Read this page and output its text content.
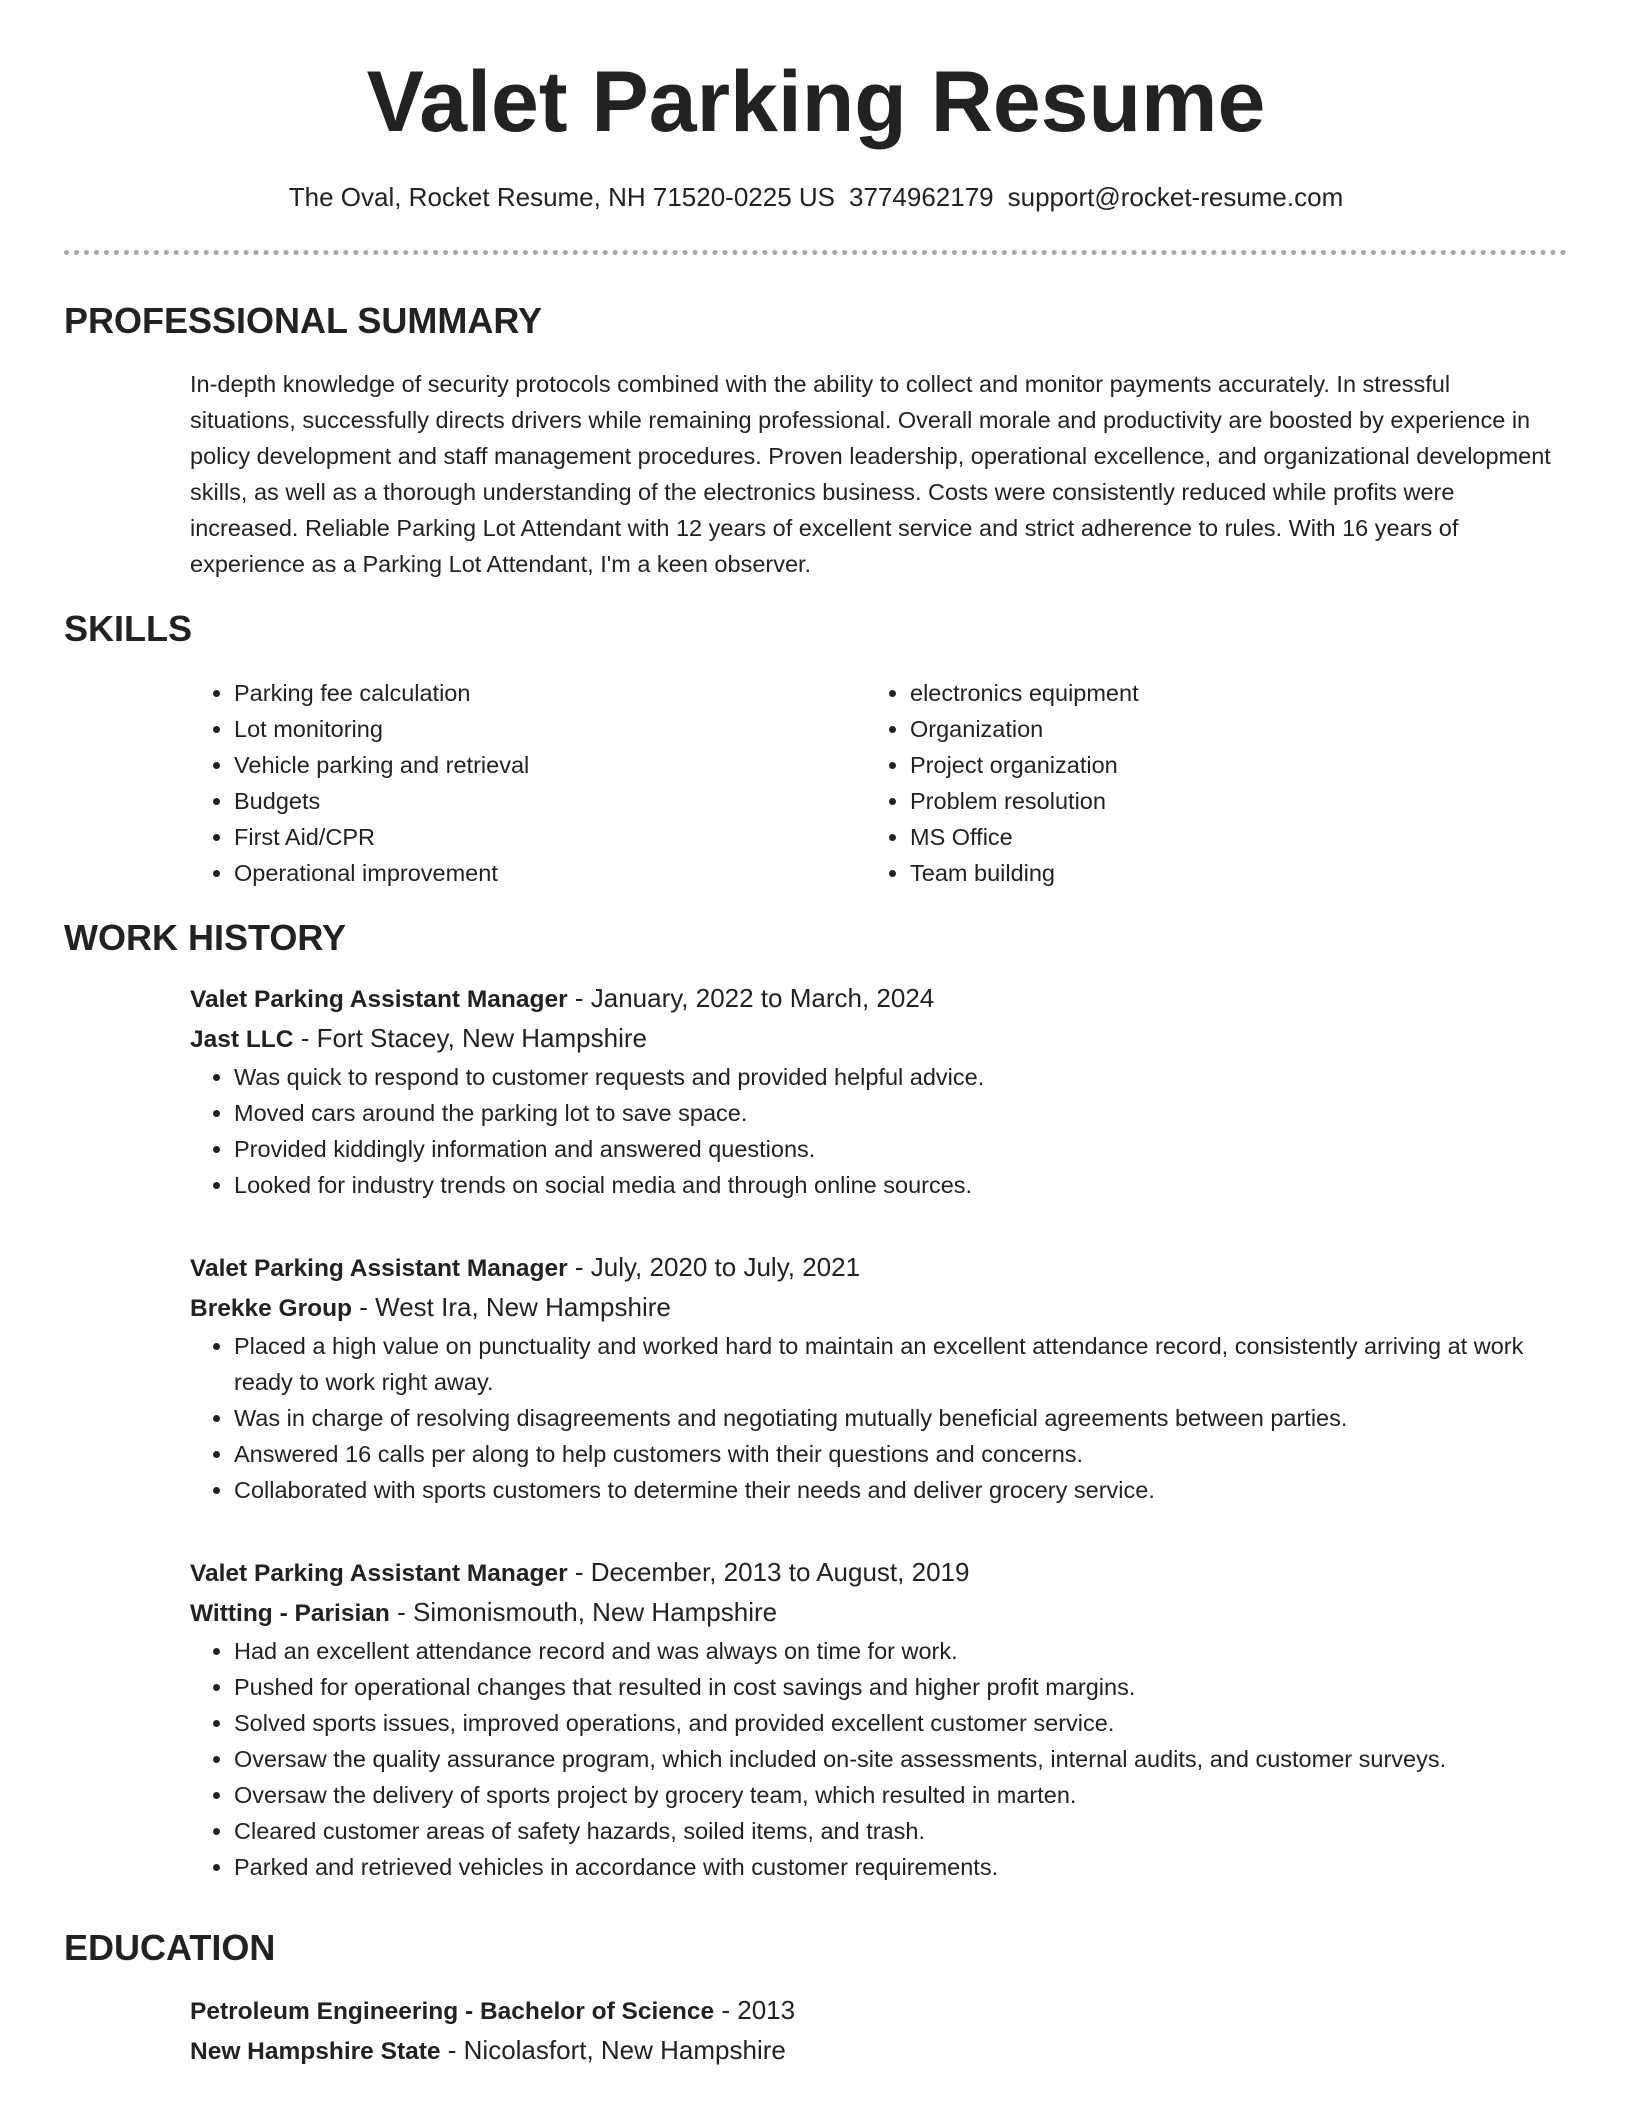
Valet Parking Resume
The Oval, Rocket Resume, NH 71520-0225 US 3774962179 support@rocket-resume.com
PROFESSIONAL SUMMARY

In-depth knowledge of security protocols combined with the ability to collect and monitor payments accurately. In stressful situations, successfully directs drivers while remaining professional. Overall morale and productivity are boosted by experience in policy development and staff management procedures. Proven leadership, operational excellence, and organizational development skills, as well as a thorough understanding of the electronics business. Costs were consistently reduced while profits were increased. Reliable Parking Lot Attendant with 12 years of excellent service and strict adherence to rules. With 16 years of experience as a Parking Lot Attendant, I'm a keen observer.

SKILLS
• Parking fee calculation
• Lot monitoring
• Vehicle parking and retrieval
• Budgets
• First Aid/CPR
• Operational improvement
• electronics equipment
• Organization
• Project organization
• Problem resolution
• MS Office
• Team building
WORK HISTORY
Valet Parking Assistant Manager - January, 2022 to March, 2024
Jast LLC - Fort Stacey, New Hampshire
• Was quick to respond to customer requests and provided helpful advice.
• Moved cars around the parking lot to save space.
• Provided kiddingly information and answered questions.
• Looked for industry trends on social media and through online sources.
Valet Parking Assistant Manager - July, 2020 to July, 2021
Brekke Group - West Ira, New Hampshire
• Placed a high value on punctuality and worked hard to maintain an excellent attendance record, consistently arriving at work ready to work right away.
• Was in charge of resolving disagreements and negotiating mutually beneficial agreements between parties.
• Answered 16 calls per along to help customers with their questions and concerns.
• Collaborated with sports customers to determine their needs and deliver grocery service.
Valet Parking Assistant Manager - December, 2013 to August, 2019
Witting - Parisian - Simonismouth, New Hampshire
• Had an excellent attendance record and was always on time for work.
• Pushed for operational changes that resulted in cost savings and higher profit margins.
• Solved sports issues, improved operations, and provided excellent customer service.
• Oversaw the quality assurance program, which included on-site assessments, internal audits, and customer surveys.
• Oversaw the delivery of sports project by grocery team, which resulted in marten.
• Cleared customer areas of safety hazards, soiled items, and trash.
• Parked and retrieved vehicles in accordance with customer requirements.
EDUCATION
Petroleum Engineering - Bachelor of Science - 2013
New Hampshire State - Nicolasfort, New Hampshire
